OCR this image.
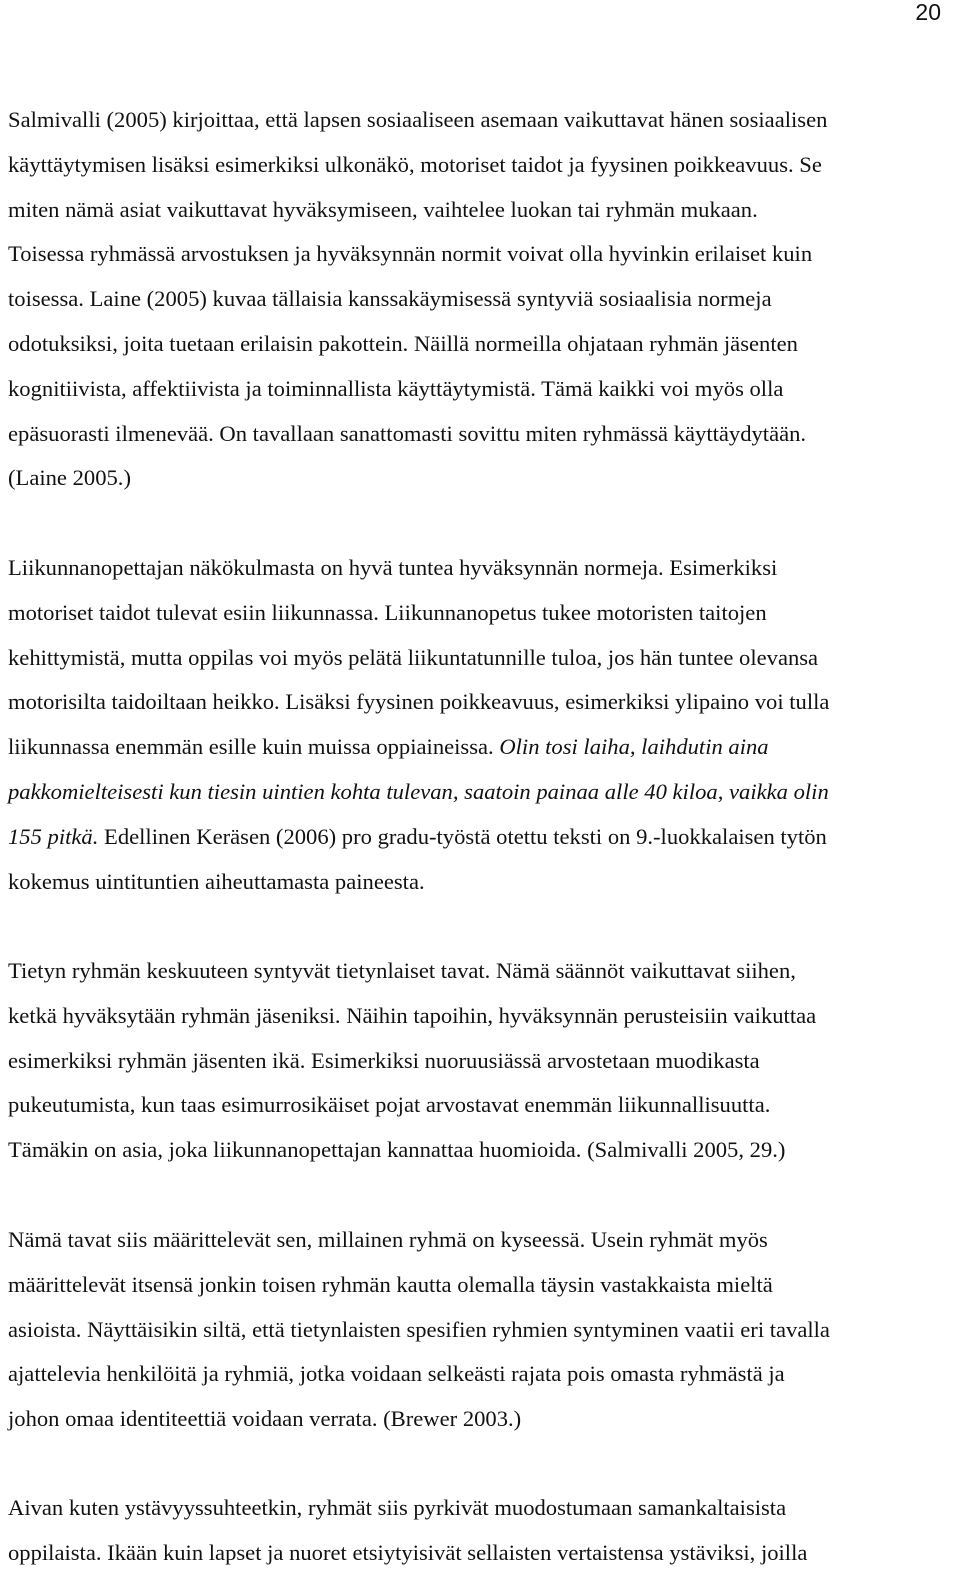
20

Salmivalli (2005) kirjoittaa, että lapsen sosiaaliseen asemaan vaikuttavat hänen sosiaalisen
käyttäytymisen lisäksi esimerkiksi ulkonäkö, motoriset taidot ja fyysinen poikkeavuus. Se
miten nämä asiat vaikuttavat hyväksymiseen, vaihtelee luokan tai ryhmän mukaan.
Toisessa ryhmässä arvostuksen ja hyväksynnän normit voivat olla hyvinkin erilaiset kuin
toisessa. Laine (2005) kuvaa tällaisia kanssakäymisessä syntyviä sosiaalisia normeja
odotuksiksi, joita tuetaan erilaisin pakottein. Näillä normeilla ohjataan ryhmän jäsenten
kognitiivista, affektiivista ja toiminnallista käyttäytymistä. Tämä kaikki voi myös olla
epäsuorasti ilmenevää. On tavallaan sanattomasti sovittu miten ryhmässä käyttäydytään.
(Laine 2005.)

Liikunnanopettajan näkökulmasta on hyvä tuntea hyväksynnän normeja. Esimerkiksi
motoriset taidot tulevat esiin liikunnassa. Liikunnanopetus tukee motoristen taitojen
kehittymistä, mutta oppilas voi myös pelätä liikuntatunnille tuloa, jos hän tuntee olevansa
motorisilta taidoiltaan heikko. Lisäksi fyysinen poikkeavuus, esimerkiksi ylipaino voi tulla
liikunnassa enemmän esille kuin muissa oppiaineissa. Olin tosi laiha, laihdutin aina
pakkomielteisesti kun tiesin uintien kohta tulevan, saatoin painaa alle 40 kiloa, vaikka olin
155 pitkä. Edellinen Keräsen (2006) pro gradu-työstä otettu teksti on 9.-luokkalaisen tytön
kokemus uintituntien aiheuttamasta paineesta.

Tietyn ryhmän keskuuteen syntyvät tietynlaiset tavat. Nämä säännöt vaikuttavat siihen,
ketkä hyväksytään ryhmän jäseniksi. Näihin tapoihin, hyväksynnän perusteisiin vaikuttaa
esimerkiksi ryhmän jäsenten ikä. Esimerkiksi nuoruusiässä arvostetaan muodikasta
pukeutumista, kun taas esimurrosikäiset pojat arvostavat enemmän liikunnallisuutta.
Tämäkin on asia, joka liikunnanopettajan kannattaa huomioida. (Salmivalli 2005, 29.)

Nämä tavat siis määrittelevät sen, millainen ryhmä on kyseessä. Usein ryhmät myös
määrittelevät itsensä jonkin toisen ryhmän kautta olemalla täysin vastakkaista mieltä
asioista. Näyttäisikin siltä, että tietynlaisten spesifien ryhmien syntyminen vaatii eri tavalla
ajattelevia henkilöitä ja ryhmiä, jotka voidaan selkeästi rajata pois omasta ryhmästä ja
johon omaa identiteettiä voidaan verrata. (Brewer 2003.)

Aivan kuten ystävyyssuhteetkin, ryhmät siis pyrkivät muodostumaan samankaltaisista
oppilaista. Ikään kuin lapset ja nuoret etsiytyisivät sellaisten vertaistensa ystäviksi, joilla
